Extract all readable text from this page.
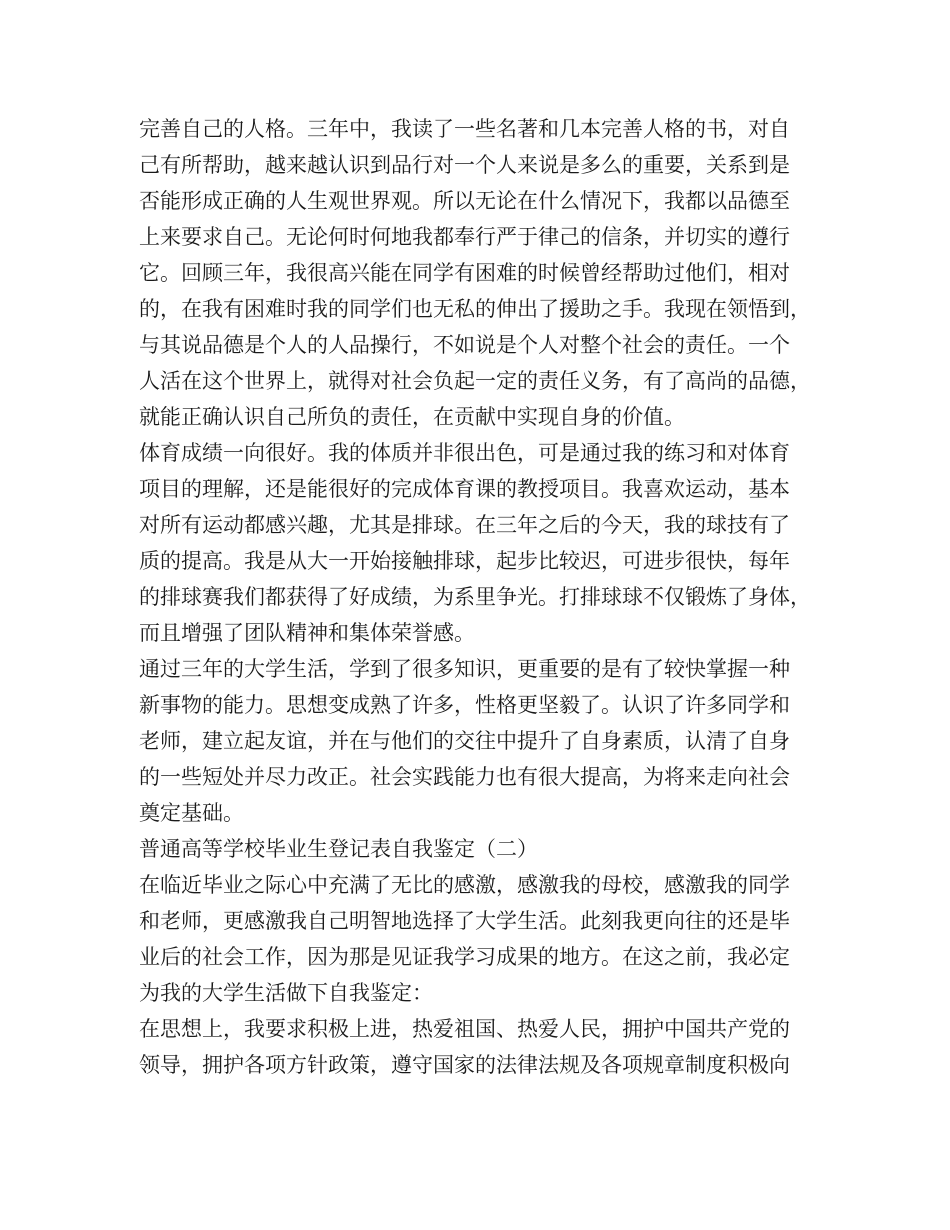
完善自己的人格。三年中，我读了一些名著和几本完善人格的书，对自
己有所帮助，越来越认识到品行对一个人来说是多么的重要，关系到是
否能形成正确的人生观世界观。所以无论在什么情况下，我都以品德至
上来要求自己。无论何时何地我都奉行严于律己的信条，并切实的遵行
它。回顾三年，我很高兴能在同学有困难的时候曾经帮助过他们，相对
的，在我有困难时我的同学们也无私的伸出了援助之手。我现在领悟到，
与其说品德是个人的人品操行，不如说是个人对整个社会的责任。一个
人活在这个世界上，就得对社会负起一定的责任义务，有了高尚的品德，
就能正确认识自己所负的责任，在贡献中实现自身的价值。
体育成绩一向很好。我的体质并非很出色，可是通过我的练习和对体育
项目的理解，还是能很好的完成体育课的教授项目。我喜欢运动，基本
对所有运动都感兴趣，尤其是排球。在三年之后的今天，我的球技有了
质的提高。我是从大一开始接触排球，起步比较迟，可进步很快，每年
的排球赛我们都获得了好成绩，为系里争光。打排球球不仅锻炼了身体，
而且增强了团队精神和集体荣誉感。
通过三年的大学生活，学到了很多知识，更重要的是有了较快掌握一种
新事物的能力。思想变成熟了许多，性格更坚毅了。认识了许多同学和
老师，建立起友谊，并在与他们的交往中提升了自身素质，认清了自身
的一些短处并尽力改正。社会实践能力也有很大提高，为将来走向社会
奠定基础。
普通高等学校毕业生登记表自我鉴定（二）
在临近毕业之际心中充满了无比的感激，感激我的母校，感激我的同学
和老师，更感激我自己明智地选择了大学生活。此刻我更向往的还是毕
业后的社会工作，因为那是见证我学习成果的地方。在这之前，我必定
为我的大学生活做下自我鉴定：
在思想上，我要求积极上进，热爱祖国、热爱人民，拥护中国共产党的
领导，拥护各项方针政策，遵守国家的法律法规及各项规章制度积极向
